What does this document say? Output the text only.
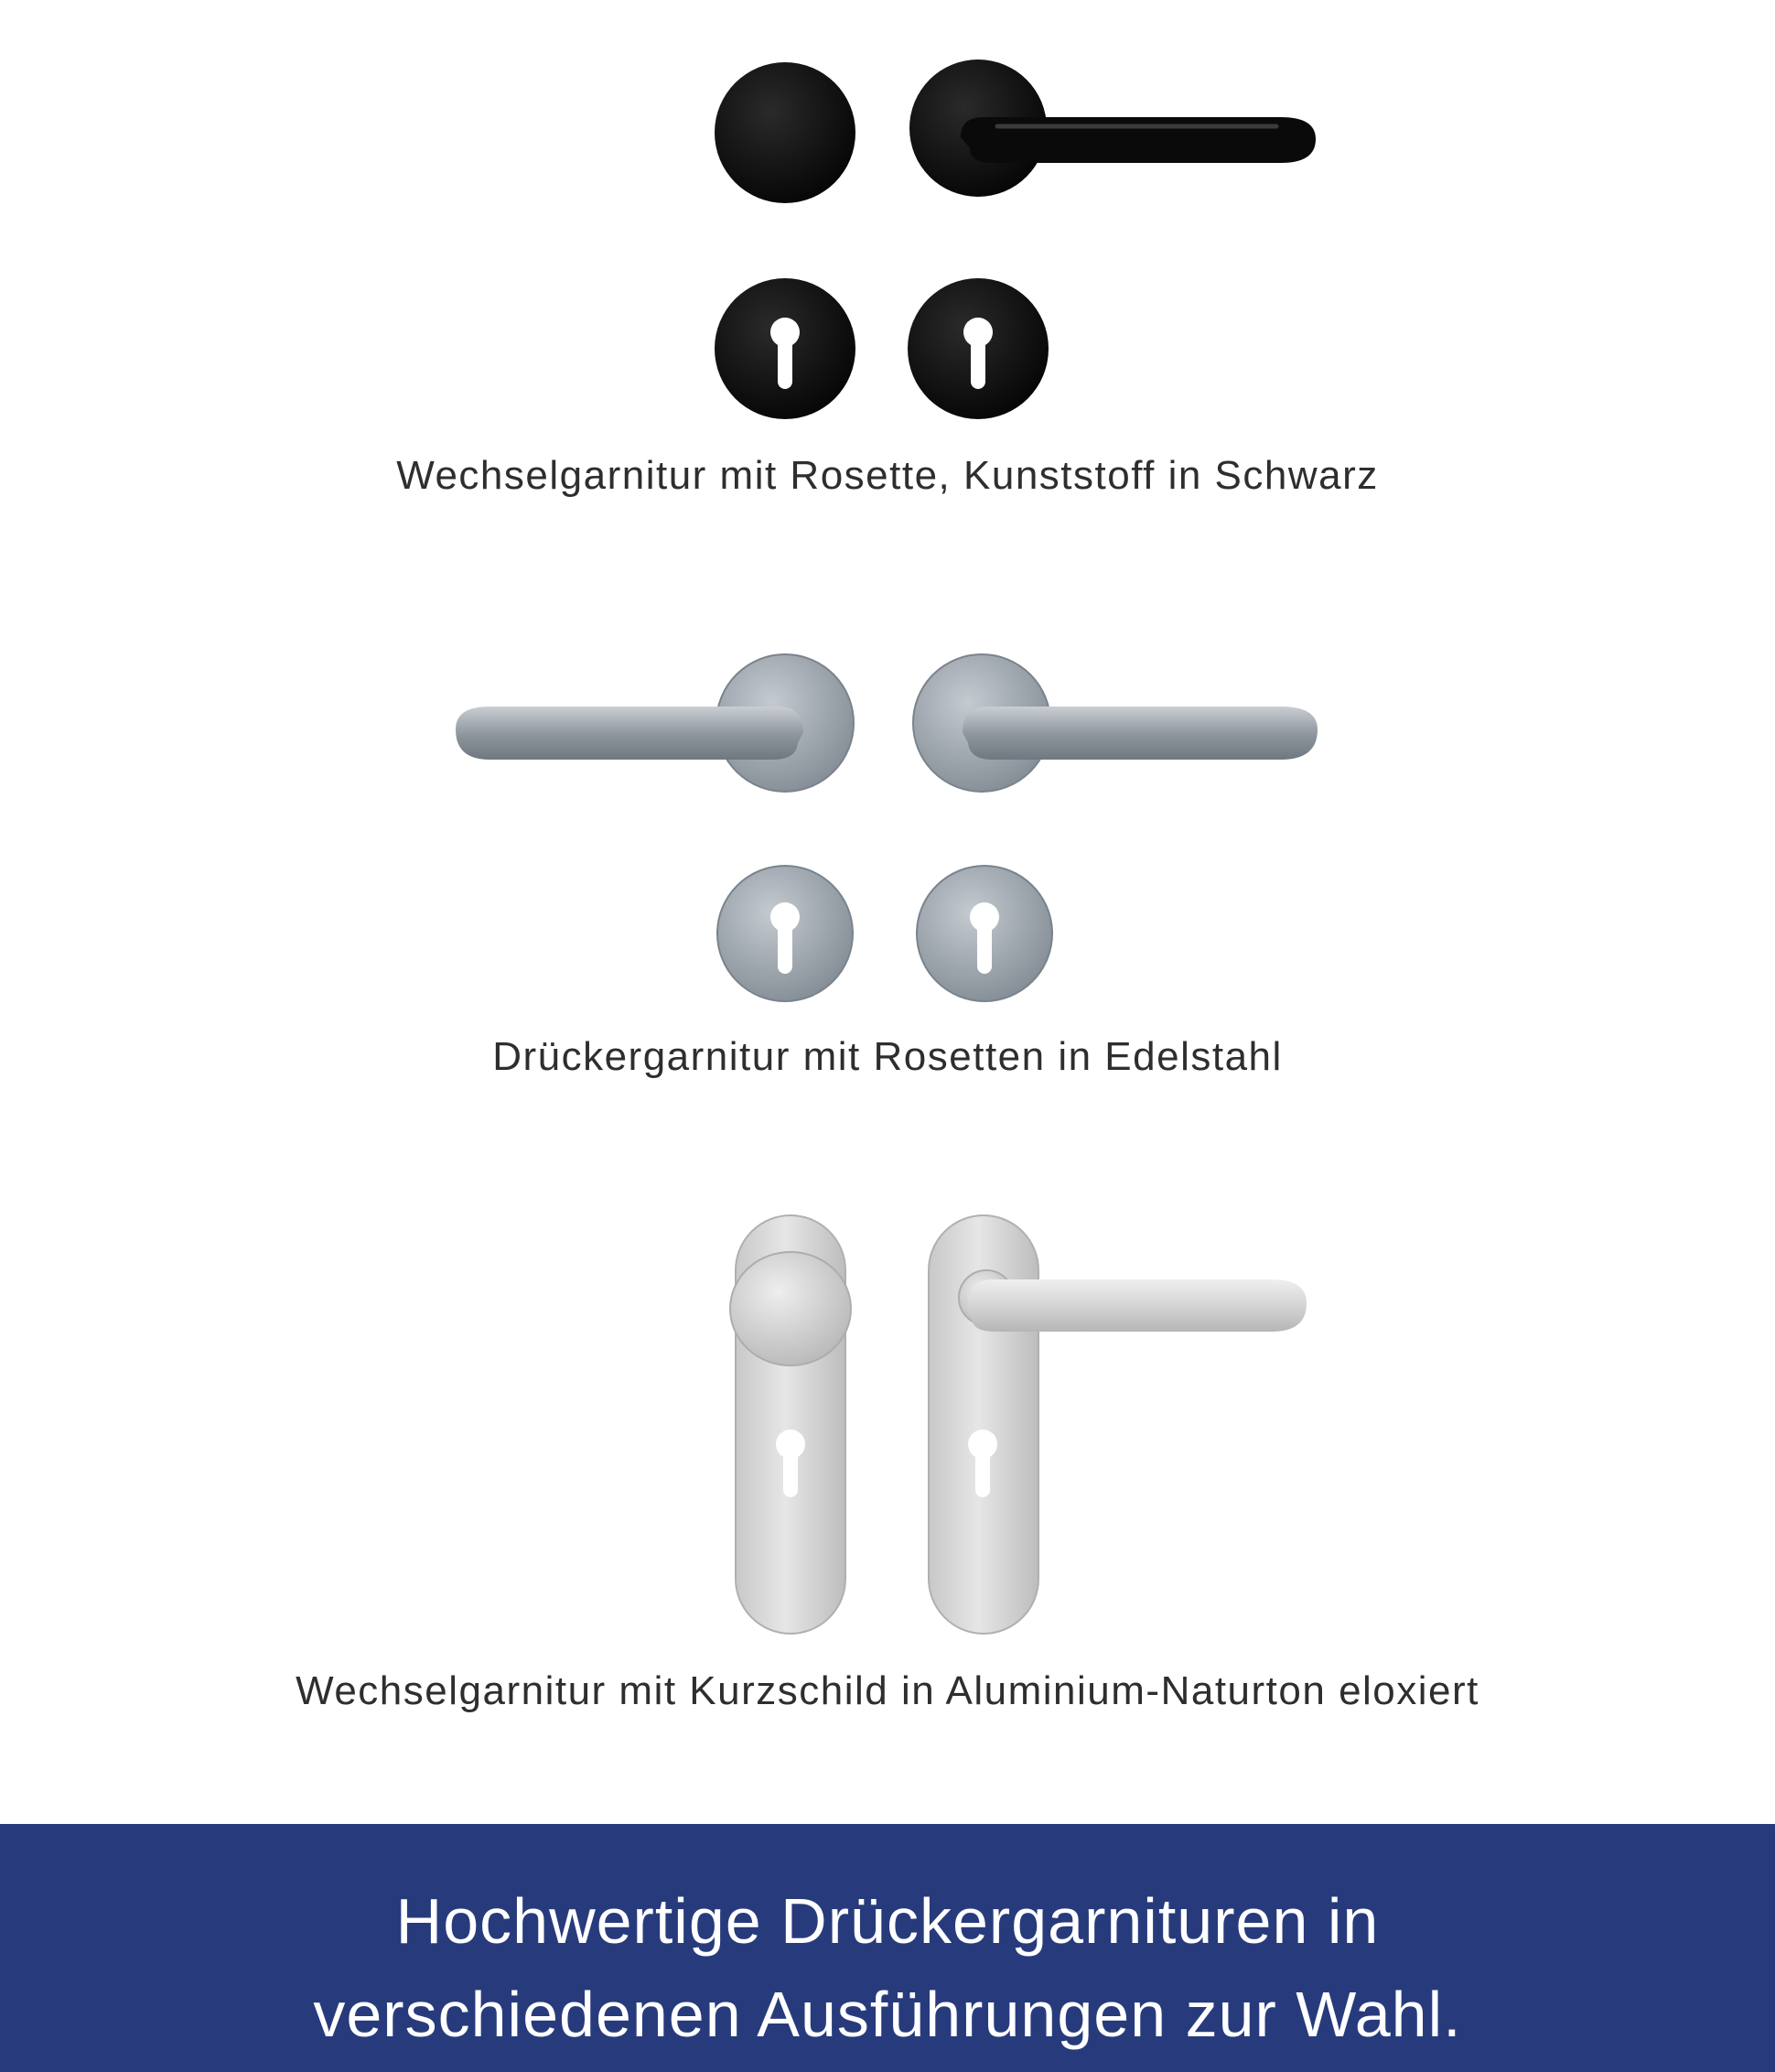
Wechselgarnitur mit Rosette, Kunststoff in Schwarz
Drückergarnitur mit Rosetten in Edelstahl
Wechselgarnitur mit Kurzschild in Aluminium-Naturton eloxiert
Hochwertige Drückergarnituren in
verschiedenen Ausführungen zur Wahl.
